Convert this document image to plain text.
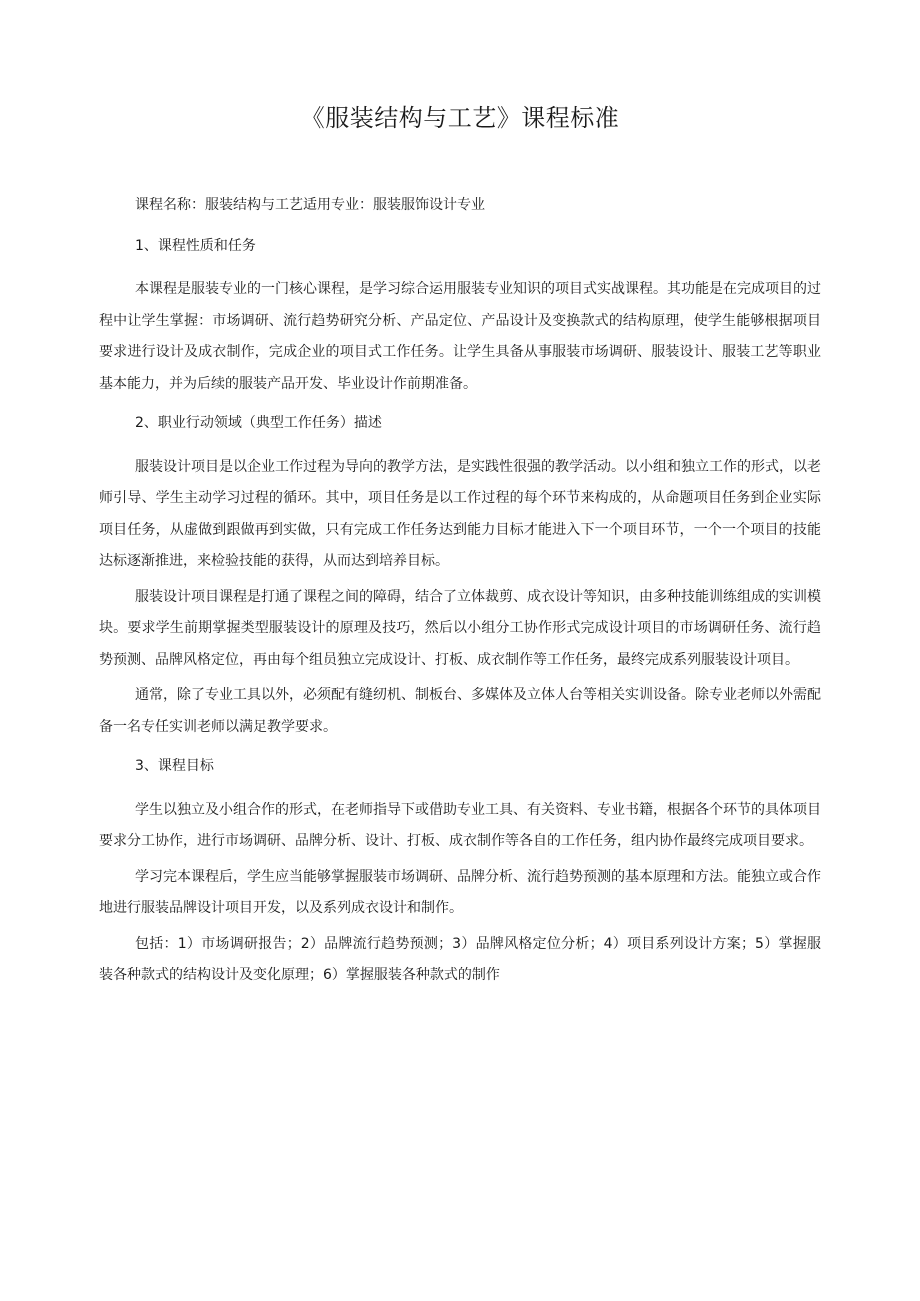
《服装结构与工艺》课程标准

课程名称：服装结构与工艺适用专业：服装服饰设计专业

1、课程性质和任务

本课程是服装专业的一门核心课程，是学习综合运用服装专业知识的项目式实战课程。其功能是在完成项目的过程中让学生掌握：市场调研、流行趋势研究分析、产品定位、产品设计及变换款式的结构原理，使学生能够根据项目要求进行设计及成衣制作，完成企业的项目式工作任务。让学生具备从事服装市场调研、服装设计、服装工艺等职业基本能力，并为后续的服装产品开发、毕业设计作前期准备。

2、职业行动领域（典型工作任务）描述

服装设计项目是以企业工作过程为导向的教学方法，是实践性很强的教学活动。以小组和独立工作的形式，以老师引导、学生主动学习过程的循环。其中，项目任务是以工作过程的每个环节来构成的，从命题项目任务到企业实际项目任务，从虚做到跟做再到实做，只有完成工作任务达到能力目标才能进入下一个项目环节，一个一个项目的技能达标逐渐推进，来检验技能的获得，从而达到培养目标。

服装设计项目课程是打通了课程之间的障碍，结合了立体裁剪、成衣设计等知识，由多种技能训练组成的实训模块。要求学生前期掌握类型服装设计的原理及技巧，然后以小组分工协作形式完成设计项目的市场调研任务、流行趋势预测、品牌风格定位，再由每个组员独立完成设计、打板、成衣制作等工作任务，最终完成系列服装设计项目。

通常，除了专业工具以外，必须配有缝纫机、制板台、多媒体及立体人台等相关实训设备。除专业老师以外需配备一名专任实训老师以满足教学要求。

3、课程目标

学生以独立及小组合作的形式，在老师指导下或借助专业工具、有关资料、专业书籍，根据各个环节的具体项目要求分工协作，进行市场调研、品牌分析、设计、打板、成衣制作等各自的工作任务，组内协作最终完成项目要求。

学习完本课程后，学生应当能够掌握服装市场调研、品牌分析、流行趋势预测的基本原理和方法。能独立或合作地进行服装品牌设计项目开发，以及系列成衣设计和制作。

包括：1）市场调研报告；2）品牌流行趋势预测；3）品牌风格定位分析；4）项目系列设计方案；5）掌握服装各种款式的结构设计及变化原理；6）掌握服装各种款式的制作
